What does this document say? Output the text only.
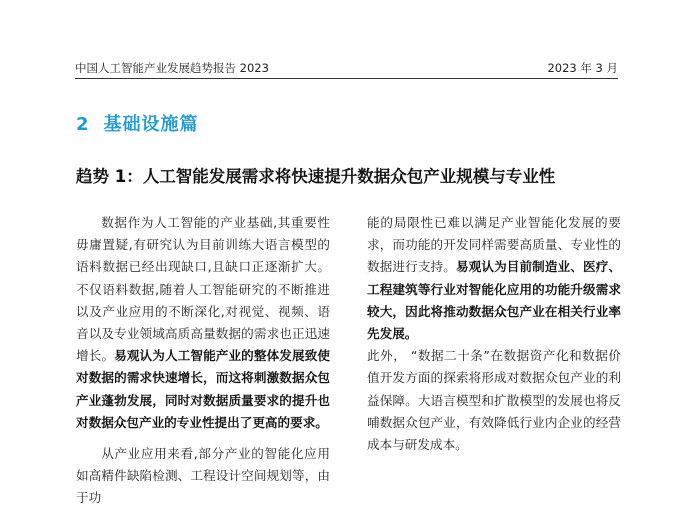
中国人工智能产业发展趋势报告 2023	2023 年 3 月
2 基础设施篇
趋势 1：人工智能发展需求将快速提升数据众包产业规模与专业性

数据作为人工智能的产业基础,其重要性毋庸置疑,有研究认为目前训练大语言模型的语料数据已经出现缺口,且缺口正逐渐扩大。不仅语料数据,随着人工智能研究的不断推进以及产业应用的不断深化,对视觉、视频、语音以及专业领域高质高量数据的需求也正迅速增长。易观认为人工智能产业的整体发展致使对数据的需求快速增长，而这将刺激数据众包产业蓬勃发展，同时对数据质量要求的提升也对数据众包产业的专业性提出了更高的要求。

从产业应用来看,部分产业的智能化应用如高精件缺陷检测、工程设计空间规划等，由于功

能的局限性已难以满足产业智能化发展的要求，而功能的开发同样需要高质量、专业性的数据进行支持。易观认为目前制造业、医疗、工程建筑等行业对智能化应用的功能升级需求较大，因此将推动数据众包产业在相关行业率先发展。

此外， “数据二十条”在数据资产化和数据价值开发方面的探索将形成对数据众包产业的利益保障。大语言模型和扩散模型的发展也将反哺数据众包产业，有效降低行业内企业的经营成本与研发成本。
